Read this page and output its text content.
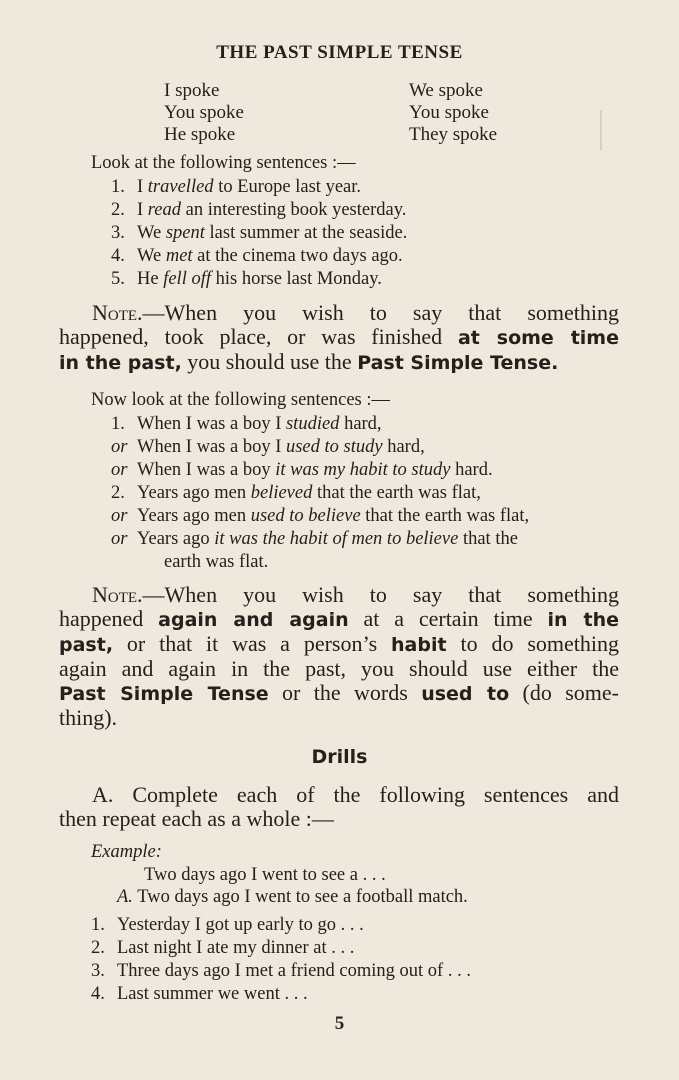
THE PAST SIMPLE TENSE
I spoke
You spoke
He spoke
We spoke
You spoke
They spoke
Look at the following sentences :—
1. I travelled to Europe last year.
2. I read an interesting book yesterday.
3. We spent last summer at the seaside.
4. We met at the cinema two days ago.
5. He fell off his horse last Monday.

Note.—When you wish to say that something

happened, took place, or was finished at some time

in the past, you should use the Past Simple Tense.

Now look at the following sentences :—
1. When I was a boy I studied hard,
or When I was a boy I used to study hard,
or When I was a boy it was my habit to study hard.
2. Years ago men believed that the earth was flat,
or Years ago men used to believe that the earth was flat,
or Years ago it was the habit of men to believe that the
earth was flat.

Note.—When you wish to say that something

happened again and again at a certain time in the

past, or that it was a person’s habit to do something

again and again in the past, you should use either the

Past Simple Tense or the words used to (do some-

thing).

Drills

A. Complete each of the following sentences and

then repeat each as a whole :—

Example:
Two days ago I went to see a . . .
A. Two days ago I went to see a football match.
1. Yesterday I got up early to go . . .
2. Last night I ate my dinner at . . .
3. Three days ago I met a friend coming out of . . .
4. Last summer we went . . .
5
